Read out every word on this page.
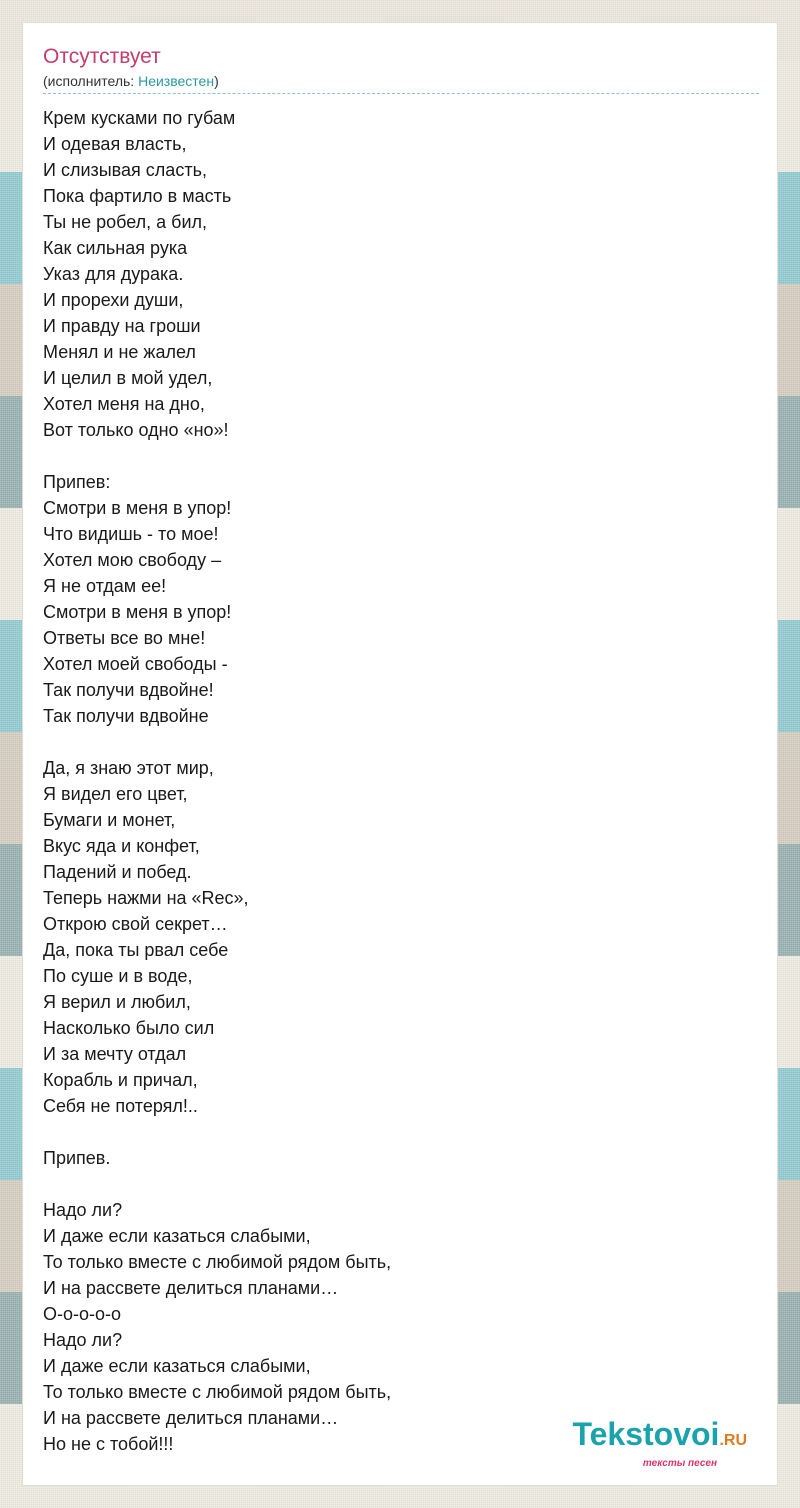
Отсутствует
(исполнитель: Неизвестен)
Крем кусками по губам
И одевая власть,
И слизывая сласть,
Пока фартило в масть
Ты не робел, а бил,
Как сильная рука
Указ для дурака.
И прорехи души,
И правду на гроши
Менял и не жалел
И целил в мой удел,
Хотел меня на дно,
Вот только одно «но»!
Припев:
Смотри в меня в упор!
Что видишь - то мое!
Хотел мою свободу –
Я не отдам ее!
Смотри в меня в упор!
Ответы все во мне!
Хотел моей свободы -
Так получи вдвойне!
Так получи вдвойне
Да, я знаю этот мир,
Я видел его цвет,
Бумаги и монет,
Вкус яда и конфет,
Падений и побед.
Теперь нажми на «Rec»,
Открою свой секрет…
Да, пока ты рвал себе
По суше и в воде,
Я верил и любил,
Насколько было сил
И за мечту отдал
Корабль и причал,
Себя не потерял!..
Припев.
Надо ли?
И даже если казаться слабыми,
То только вместе с любимой рядом быть,
И на рассвете делиться планами…
О-о-о-о-о
Надо ли?
И даже если казаться слабыми,
То только вместе с любимой рядом быть,
И на рассвете делиться планами…
Но не с тобой!!!	Tekstovoi.RU
тексты песен
